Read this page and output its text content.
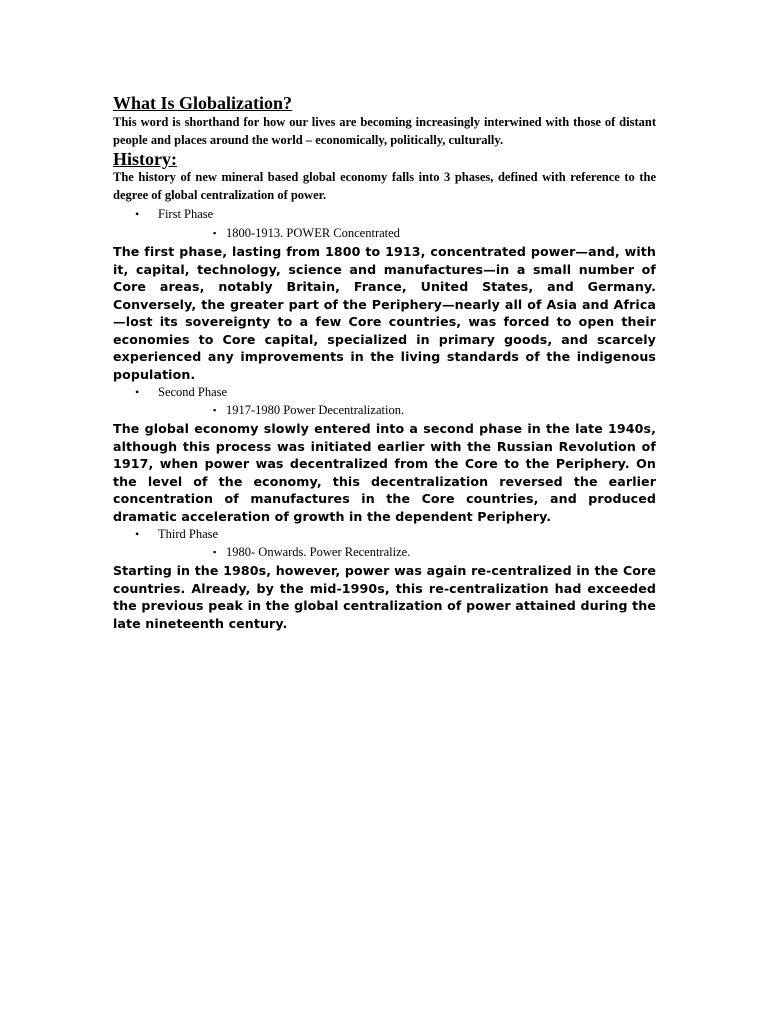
What Is Globalization?

This word is shorthand for how our lives are becoming increasingly interwined with those of distant people and places around the world – economically, politically, culturally.

History:

The history of new mineral based global economy falls into 3 phases, defined with reference to the degree of global centralization of power.

• First Phase
▪ 1800-1913. POWER Concentrated

The first phase, lasting from 1800 to 1913, concentrated power—and, with it, capital, technology, science and manufactures—in a small number of Core areas, notably Britain, France, United States, and Germany. Conversely, the greater part of the Periphery—nearly all of Asia and Africa —lost its sovereignty to a few Core countries, was forced to open their economies to Core capital, specialized in primary goods, and scarcely experienced any improvements in the living standards of the indigenous population.

• Second Phase
▪ 1917-1980 Power Decentralization.

The global economy slowly entered into a second phase in the late 1940s, although this process was initiated earlier with the Russian Revolution of 1917, when power was decentralized from the Core to the Periphery. On the level of the economy, this decentralization reversed the earlier concentration of manufactures in the Core countries, and produced dramatic acceleration of growth in the dependent Periphery.

• Third Phase
▪ 1980- Onwards. Power Recentralize.

Starting in the 1980s, however, power was again re-centralized in the Core countries. Already, by the mid-1990s, this re-centralization had exceeded the previous peak in the global centralization of power attained during the late nineteenth century.
